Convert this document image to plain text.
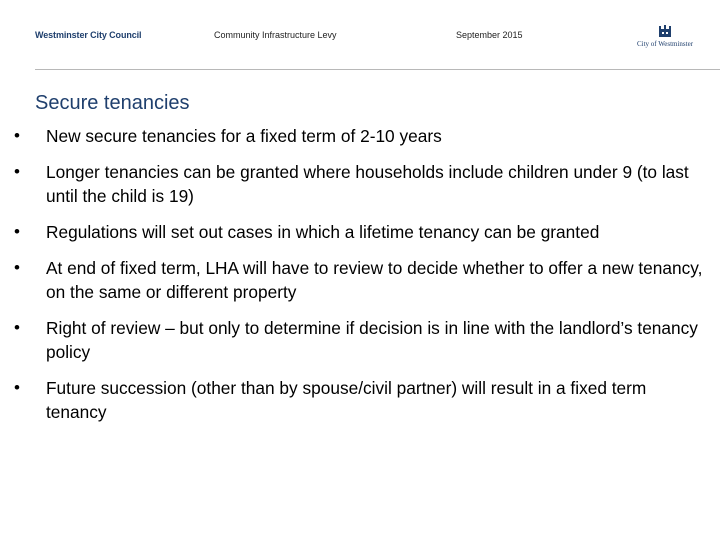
Westminster City Council	Community Infrastructure Levy	September 2015
City of Westminster
Secure tenancies
• New secure tenancies for a fixed term of 2-10 years
• Longer tenancies can be granted where households include children under 9 (to last until the child is 19)
• Regulations will set out cases in which a lifetime tenancy can be granted
• At end of fixed term, LHA will have to review to decide whether to offer a new tenancy, on the same or different property
• Right of review – but only to determine if decision is in line with the landlord’s tenancy policy
• Future succession (other than by spouse/civil partner) will result in a fixed term tenancy
